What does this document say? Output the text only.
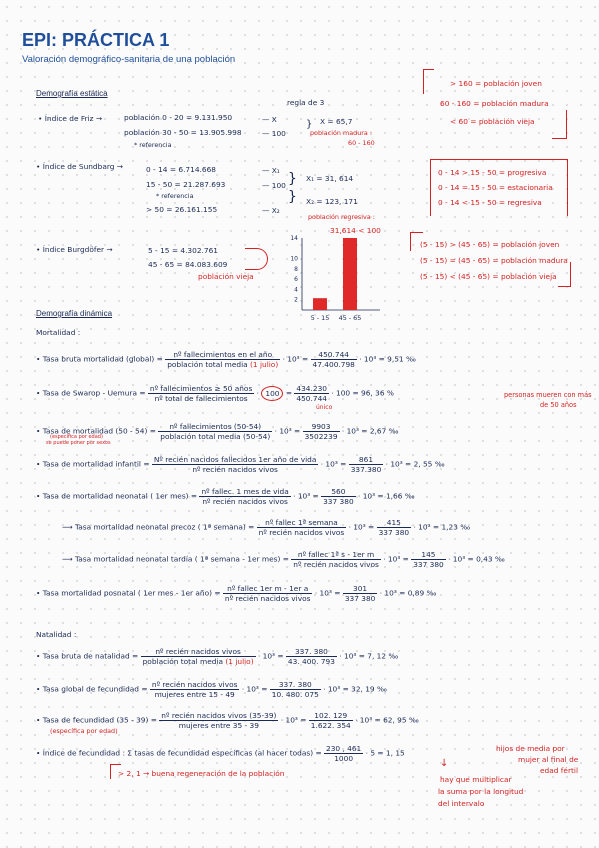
EPI: PRÁCTICA 1
Valoración demográfico-sanitaria de una población
Demografía estática
• Índice de Friz →	población 0 - 20 = 9.131.950
población 30 - 50 = 13.905.998
* referencia
regla de 3
— X
— 100
} X = 65,7
población madura :
60 - 160
> 160 = población joven
60 - 160 = población madura
< 60 = población vieja
• Índice de Sundbarg →	0 - 14 = 6.714.668
15 - 50 = 21.287.693
* referencia
> 50 = 26.161.155
— X₁
— 100
— X₂
}
}
X₁ = 31, 614
X₂ = 123, 171
población regresiva :
31,614 < 100
0 - 14 > 15 - 50 = progresiva
0 - 14 = 15 - 50 = estacionaria
0 - 14 < 15 - 50 = regresiva
• Índice Burgdöfer →	5 - 15 = 4.302.761
45 - 65 = 84.083.609
población vieja
(5 - 15) > (45 - 65) = población joven
(5 - 15) = (45 - 65) = población madura
(5 - 15) < (45 - 65) = población vieja
14
10
8
6
4
2
5 - 15 45 - 65
Demografía dinámica
Mortalidad :
• Tasa bruta mortalidad (global) = $\frac{\text{nº fallecimientos en el año}}{\text{población total media (1 julio)}} \cdot 10^3 = \frac{450.744}{47.400.798} \cdot 10^3 = 9,51$ ‰
• Tasa de Swarop - Uemura = $\frac{\text{nº fallecimientos ≥ 50 años}}{\text{nº total de fallecimientos}} \cdot 100 = \frac{434.230}{450.744} \cdot 100 = 96$, 36 %
único
personas mueren con más
de 50 años
• Tasa de mortalidad $(50 - 54) = \frac{\text{nº fallecimientos (50-54)}}{\text{población total media (50-54)}} \cdot 10^3 = \frac{9903}{3502239} \cdot 10^3 = 2,67$ ‰
(específica por edad)
se puede poner por sexos
• Tasa de mortalidad infantil = $\frac{\text{Nº recién nacidos fallecidos 1er año de vida}}{\text{nº recién nacidos vivos}} \cdot 10^3 = \frac{861}{337.380} \cdot 10^3 = 2$, 55 ‰
• Tasa de mortalidad neonatal ( 1er $mes) = \frac{\text{nº fallec. 1 mes de vida}}{\text{nº recién nacidos vivos}} \cdot 10^3 = \frac{560}{337 380} \cdot 10^3 = 1,66$ ‰
⟶ Tasa mortalidad neonatal precoz ( 1ª semana) = $\frac{\text{nº fallec 1ª semana}}{\text{nº recién nacidos vivos}} \cdot 10^3 = \frac{415}{337 380} \cdot 10^3 = 1,23$ ‰
⟶ Tasa mortalidad neonatal tardía ( 1ª semana - 1er $mes) = \frac{\text{nº fallec 1ª s - 1er m}}{\text{nº recién nacidos vivos}} \cdot 10^3 = \frac{145}{337 380} \cdot 10^3 = 0,43$ ‰
• Tasa mortalidad posnatal ( 1er mes - 1er año) = $\frac{\text{nº fallec 1er m - 1er a}}{\text{nº recién nacidos vivos}} \cdot 10^3 = \frac{301}{337 380} \cdot 10^3 = 0,89$ ‰
Natalidad :
• Tasa bruta de natalidad = $\frac{\text{nº recién nacidos vivos}}{\text{población total media (1 julio)}} \cdot 10^3 = \frac{337. 380}{43. 400. 793} \cdot 10^3 = 7$, 12 ‰
• Tasa global de fecundidad = $\frac{\text{nº recién nacidos vivos}}{\text{mujeres entre 15 - 49}} \cdot 10^3 = \frac{337. 380}{10. 480. 075} \cdot 10^3 = 32$, 19 ‰
• Tasa de fecundidad $(35 - 39) = \frac{\text{nº recién nacidos vivos (35-39)}}{\text{mujeres entre 35 - 39}} \cdot 10^3 = \frac{102. 129}{1.622. 354} \cdot 10^3 = 62$, 95 ‰
(específica por edad)
• Índice de fecundidad : Σ tasas de fecundidad específicas (al hacer todas) = $\frac{230 , 461}{1000} \cdot 5 = 1$, 15	hijos de media por
mujer al final de
edad fértil
hay que multiplicar
la suma por la longitud
del intervalo
↓
> 2, 1 → buena regeneración de la población
